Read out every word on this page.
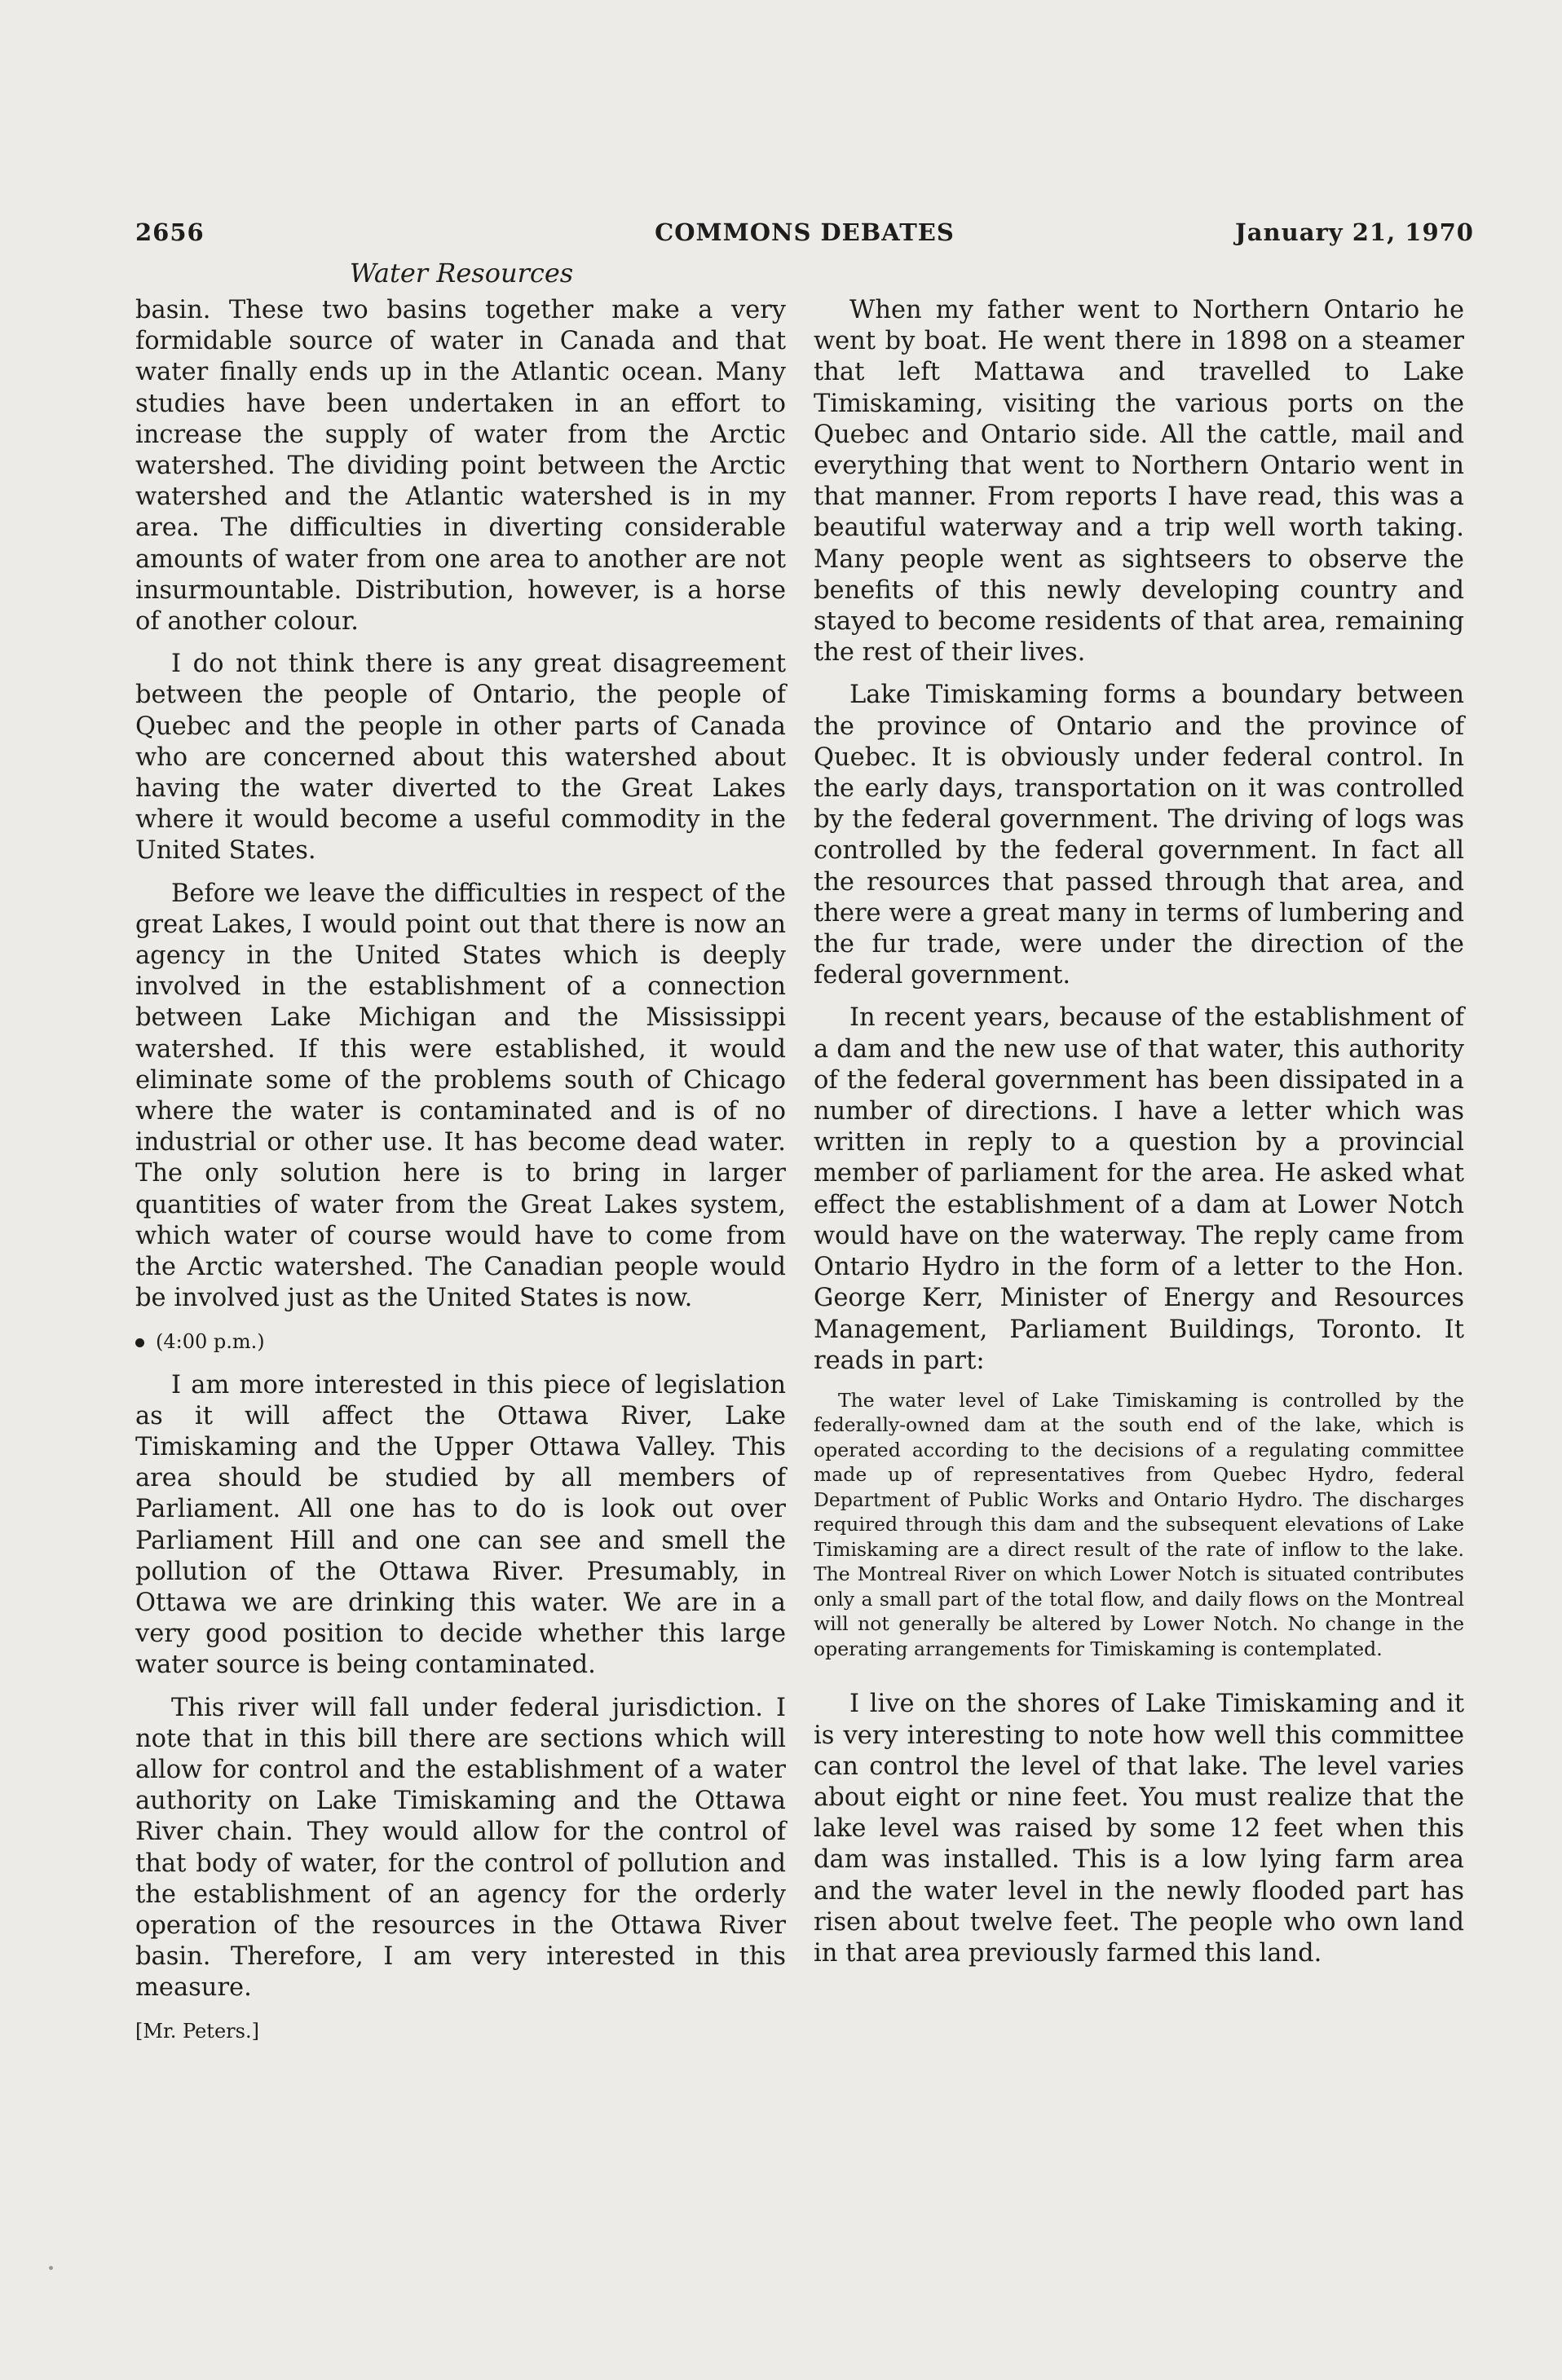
2656	COMMONS DEBATES	January 21, 1970
Water Resources

basin. These two basins together make a very formidable source of water in Canada and that water finally ends up in the Atlantic ocean. Many studies have been undertaken in an effort to increase the supply of water from the Arctic watershed. The dividing point between the Arctic watershed and the Atlantic watershed is in my area. The difficulties in diverting considerable amounts of water from one area to another are not insurmountable. Distribution, however, is a horse of another colour.

I do not think there is any great disagreement between the people of Ontario, the people of Quebec and the people in other parts of Canada who are concerned about this watershed about having the water diverted to the Great Lakes where it would become a useful commodity in the United States.

Before we leave the difficulties in respect of the great Lakes, I would point out that there is now an agency in the United States which is deeply involved in the establishment of a connection between Lake Michigan and the Mississippi watershed. If this were established, it would eliminate some of the problems south of Chicago where the water is contaminated and is of no industrial or other use. It has become dead water. The only solution here is to bring in larger quantities of water from the Great Lakes system, which water of course would have to come from the Arctic watershed. The Canadian people would be involved just as the United States is now.

(4:00 p.m.)

I am more interested in this piece of legislation as it will affect the Ottawa River, Lake Timiskaming and the Upper Ottawa Valley. This area should be studied by all members of Parliament. All one has to do is look out over Parliament Hill and one can see and smell the pollution of the Ottawa River. Presumably, in Ottawa we are drinking this water. We are in a very good position to decide whether this large water source is being contaminated.

This river will fall under federal jurisdiction. I note that in this bill there are sections which will allow for control and the establishment of a water authority on Lake Timiskaming and the Ottawa River chain. They would allow for the control of that body of water, for the control of pollution and the establishment of an agency for the orderly operation of the resources in the Ottawa River basin. Therefore, I am very interested in this measure.

[Mr. Peters.]

When my father went to Northern Ontario he went by boat. He went there in 1898 on a steamer that left Mattawa and travelled to Lake Timiskaming, visiting the various ports on the Quebec and Ontario side. All the cattle, mail and everything that went to Northern Ontario went in that manner. From reports I have read, this was a beautiful waterway and a trip well worth taking. Many people went as sightseers to observe the benefits of this newly developing country and stayed to become residents of that area, remaining the rest of their lives.

Lake Timiskaming forms a boundary between the province of Ontario and the province of Quebec. It is obviously under federal control. In the early days, transportation on it was controlled by the federal government. The driving of logs was controlled by the federal government. In fact all the resources that passed through that area, and there were a great many in terms of lumbering and the fur trade, were under the direction of the federal government.

In recent years, because of the establishment of a dam and the new use of that water, this authority of the federal government has been dissipated in a number of directions. I have a letter which was written in reply to a question by a provincial member of parliament for the area. He asked what effect the establishment of a dam at Lower Notch would have on the waterway. The reply came from Ontario Hydro in the form of a letter to the Hon. George Kerr, Minister of Energy and Resources Management, Parliament Buildings, Toronto. It reads in part:

The water level of Lake Timiskaming is controlled by the federally-owned dam at the south end of the lake, which is operated according to the decisions of a regulating committee made up of representatives from Quebec Hydro, federal Department of Public Works and Ontario Hydro. The discharges required through this dam and the subsequent elevations of Lake Timiskaming are a direct result of the rate of inflow to the lake. The Montreal River on which Lower Notch is situated contributes only a small part of the total flow, and daily flows on the Montreal will not generally be altered by Lower Notch. No change in the operating arrangements for Timiskaming is contemplated.

I live on the shores of Lake Timiskaming and it is very interesting to note how well this committee can control the level of that lake. The level varies about eight or nine feet. You must realize that the lake level was raised by some 12 feet when this dam was installed. This is a low lying farm area and the water level in the newly flooded part has risen about twelve feet. The people who own land in that area previously farmed this land.
